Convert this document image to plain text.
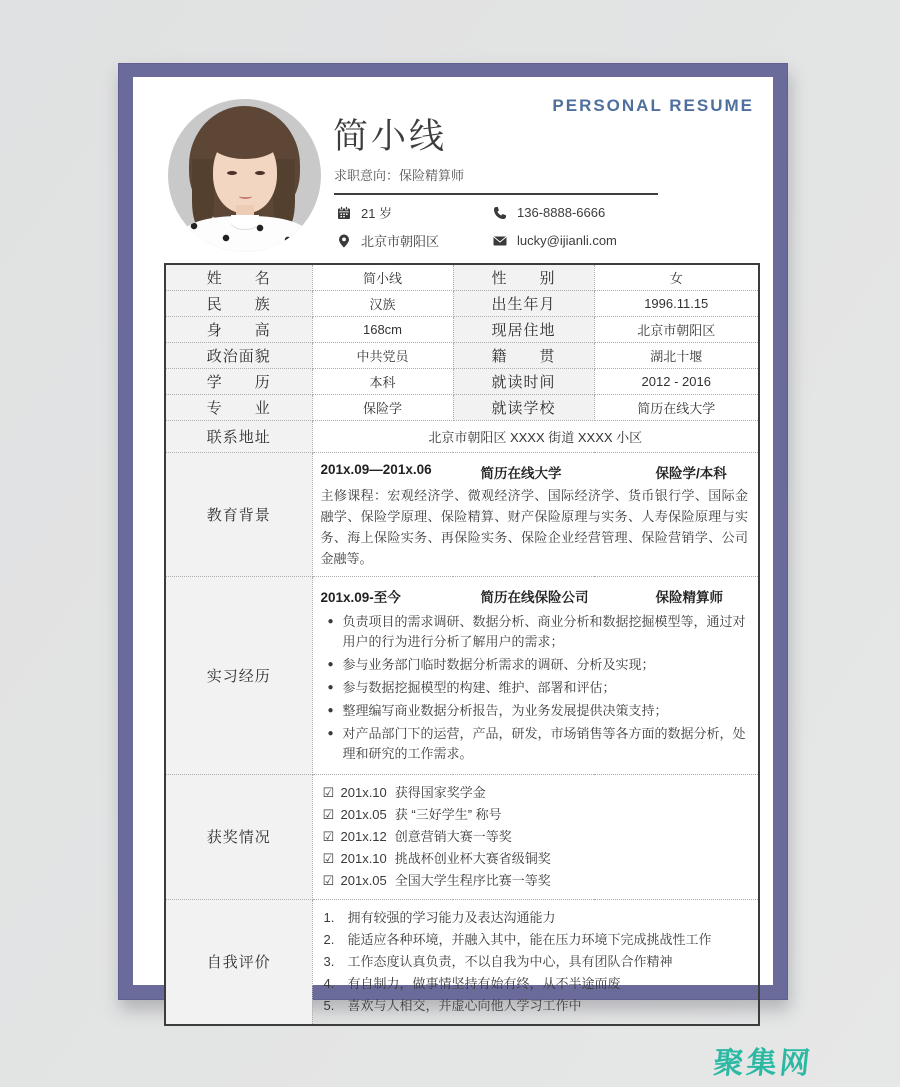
PERSONAL RESUME
简小线
求职意向：保险精算师
21 岁	136-8888-6666
北京市朝阳区	lucky@ijianli.com
姓　　名	简小线	性　　别	女
民　　族	汉族	出生年月	1996.11.15
身　　高	168cm	现居住地	北京市朝阳区
政治面貌	中共党员	籍　　贯	湖北十堰
学　　历	本科	就读时间	2012 - 2016
专　　业	保险学	就读学校	简历在线大学
联系地址	北京市朝阳区 XXXX 街道 XXXX 小区		
教育背景	201x.09—201x.06 简历在线大学 保险学/本科
主修课程：宏观经济学、微观经济学、国际经济学、货币银行学、国际金融学、保险学原理、保险精算、财产保险原理与实务、人寿保险原理与实务、海上保险实务、再保险实务、保险企业经营管理、保险营销学、公司金融等。		

实习经历	
201x.09-至今	简历在线保险公司	保险精算师
● 负责项目的需求调研、数据分析、商业分析和数据挖掘模型等，通过对用户的行为进行分析了解用户的需求；
● 参与业务部门临时数据分析需求的调研、分析及实现；
● 参与数据挖掘模型的构建、维护、部署和评估；
● 整理编写商业数据分析报告，为业务发展提供决策支持；
● 对产品部门下的运营，产品，研发，市场销售等各方面的数据分析，处理和研究的工作需求。

获奖情况	
☑ 201x.10 获得国家奖学金
☑ 201x.05 获 “三好学生” 称号
☑ 201x.12 创意营销大赛一等奖
☑ 201x.10 挑战杯创业杯大赛省级铜奖
☑ 201x.05 全国大学生程序比赛一等奖

自我评价	
拥有较强的学习能力及表达沟通能力
能适应各种环境，并融入其中，能在压力环境下完成挑战性工作
工作态度认真负责，不以自我为中心，具有团队合作精神
有自制力，做事情坚持有始有终，从不半途而废
喜欢与人相交，并虚心向他人学习工作中
聚集网
